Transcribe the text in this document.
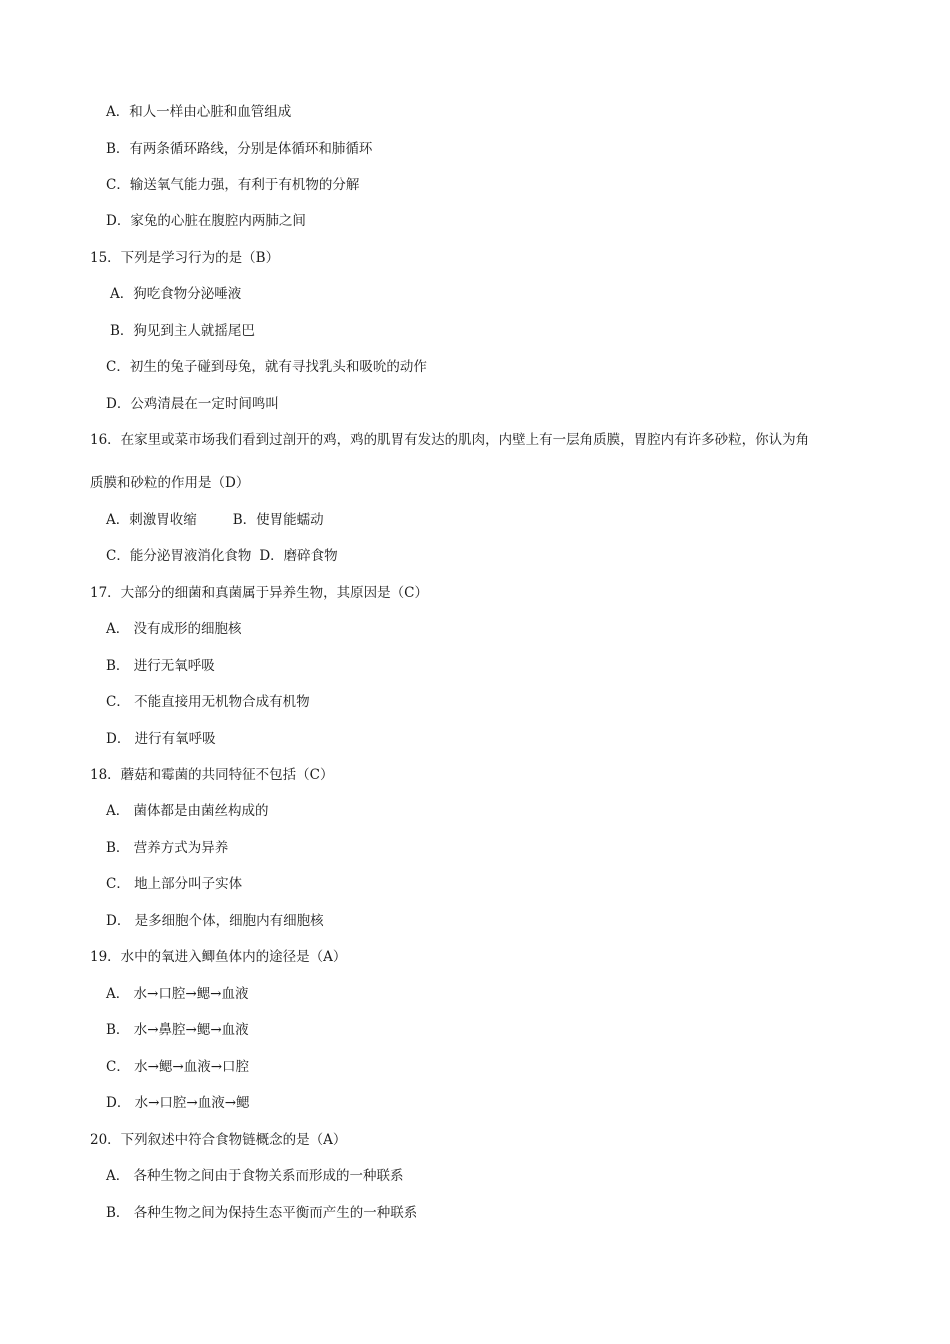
A．和人一样由心脏和血管组成
B．有两条循环路线，分别是体循环和肺循环
C．输送氧气能力强，有利于有机物的分解
D．家兔的心脏在腹腔内两肺之间
15．下列是学习行为的是（B）
A．狗吃食物分泌唾液
B．狗见到主人就摇尾巴
C．初生的兔子碰到母兔，就有寻找乳头和吸吮的动作
D．公鸡清晨在一定时间鸣叫
16．在家里或菜市场我们看到过剖开的鸡，鸡的肌胃有发达的肌肉，内壁上有一层角质膜，胃腔内有许多砂粒，你认为角
质膜和砂粒的作用是（D）
A．刺激胃收缩	B．使胃能蠕动
C．能分泌胃液消化食物 D．磨碎食物
17．大部分的细菌和真菌属于异养生物，其原因是（C）
A． 没有成形的细胞核
B． 进行无氧呼吸
C． 不能直接用无机物合成有机物
D． 进行有氧呼吸
18．蘑菇和霉菌的共同特征不包括（C）
A． 菌体都是由菌丝构成的
B． 营养方式为异养
C． 地上部分叫子实体
D． 是多细胞个体，细胞内有细胞核
19．水中的氧进入鲫鱼体内的途径是（A）
A． 水→口腔→鳃→血液
B． 水→鼻腔→鳃→血液
C． 水→鳃→血液→口腔
D． 水→口腔→血液→鳃
20．下列叙述中符合食物链概念的是（A）
A． 各种生物之间由于食物关系而形成的一种联系
B． 各种生物之间为保持生态平衡而产生的一种联系
